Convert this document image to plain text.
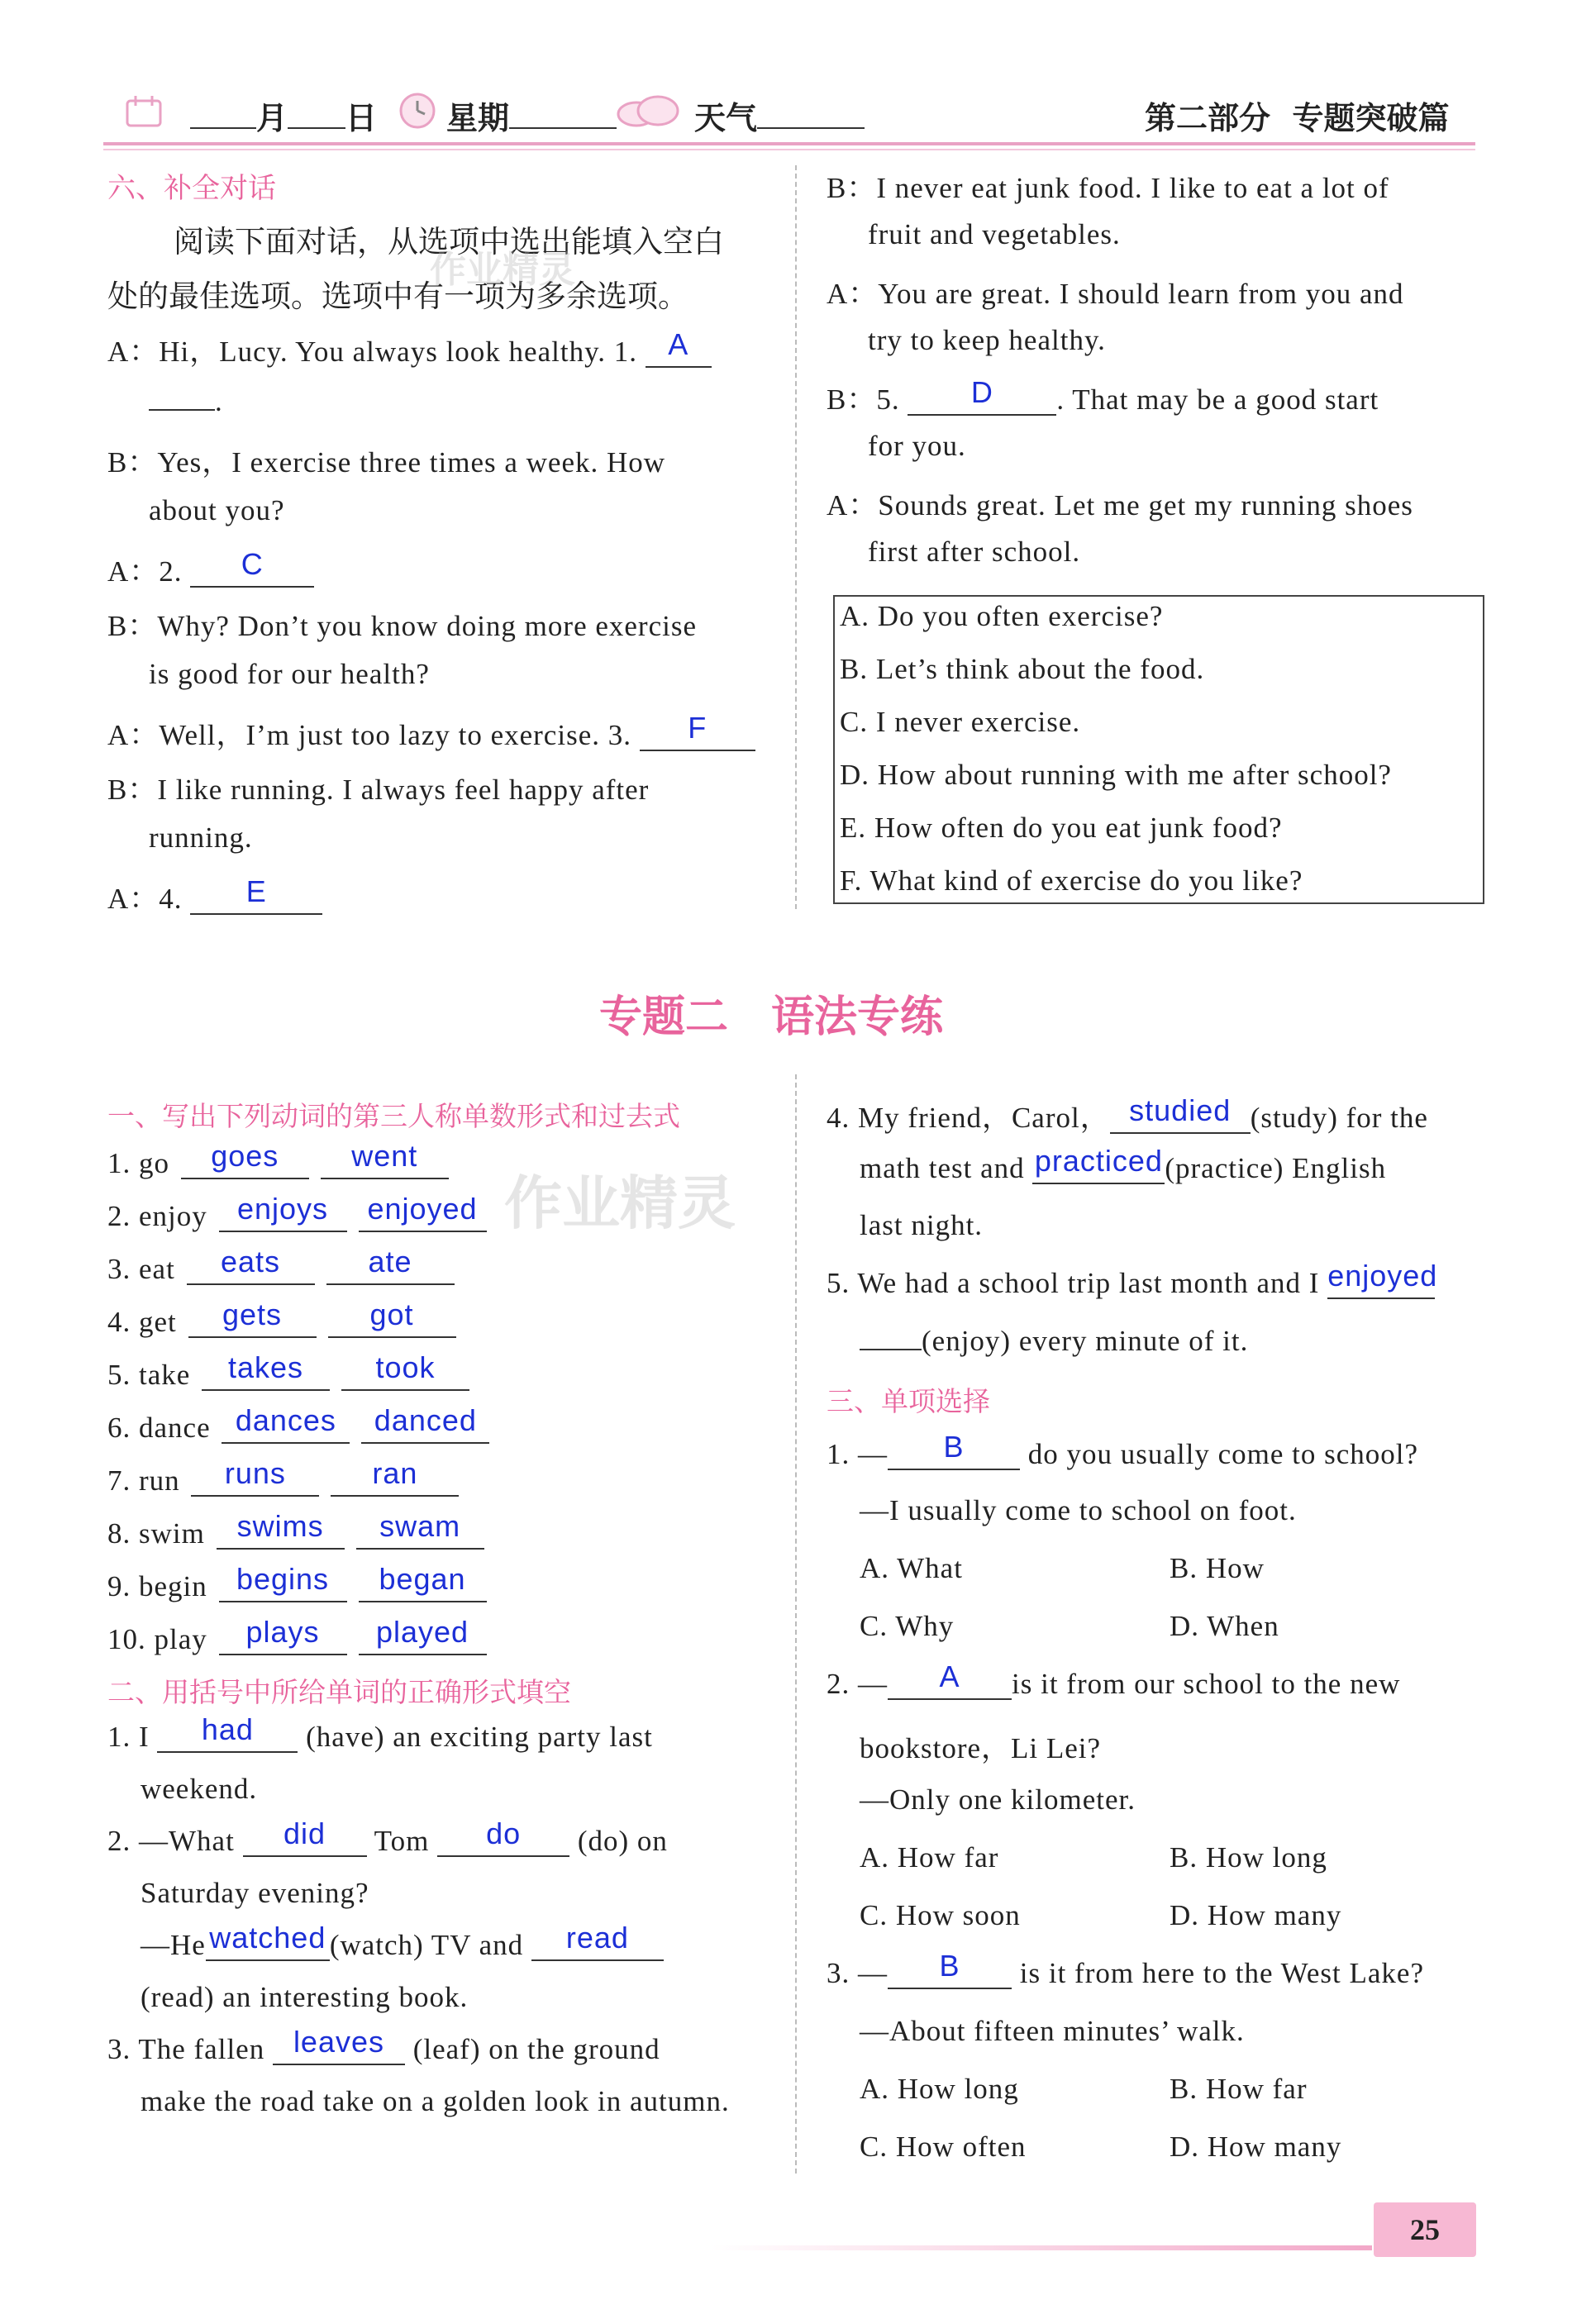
月 日 星期	天气	第二部分 专题突破篇
六、补全对话
阅读下面对话，从选项中选出能填入空白
处的最佳选项。选项中有一项为多余选项。
A：Hi，Lucy. You always look healthy. 1. A
.
B：Yes，I exercise three times a week. How
about you?
A：2. C
B：Why? Don’t you know doing more exercise
is good for our health?
A：Well，I’m just too lazy to exercise. 3. F
B：I like running. I always feel happy after
running.
A：4. E
B：I never eat junk food. I like to eat a lot of
fruit and vegetables.
A：You are great. I should learn from you and
try to keep healthy.
B：5. D . That may be a good start
for you.
A：Sounds great. Let me get my running shoes
first after school.
A. Do you often exercise?
B. Let’s think about the food.
C. I never exercise.
D. How about running with me after school?
E. How often do you eat junk food?
F. What kind of exercise do you like?
专题二　语法专练
作业精灵
作业精灵
一、写出下列动词的第三人称单数形式和过去式
1. go goes went
2. enjoy enjoys enjoyed
3. eat eats	ate
4. get gets	got
5. take takes took
6. dance dances danced
7. run runs	ran
8. swim swims swam
9. begin begins began
10. play plays played
二、用括号中所给单词的正确形式填空
1. I had (have) an exciting party last
weekend.
2. —What did Tom do (do) on
Saturday evening?
—He watched (watch) TV and read
(read) an interesting book.
3. The fallen leaves (leaf) on the ground
make the road take on a golden look in autumn.
4. My friend，Carol， studied (study) for the
math test and practiced(practice) English
last night.
5. We had a school trip last month and I enjoyed
(enjoy) every minute of it.
三、单项选择
1. — B do you usually come to school?
—I usually come to school on foot.
A. What	B. How
C. Why	D. When
2. — A is it from our school to the new
bookstore，Li Lei?
—Only one kilometer.
A. How far	B. How long
C. How soon	D. How many
3. — B is it from here to the West Lake?
—About fifteen minutes’ walk.
A. How long	B. How far
C. How often	D. How many
25
